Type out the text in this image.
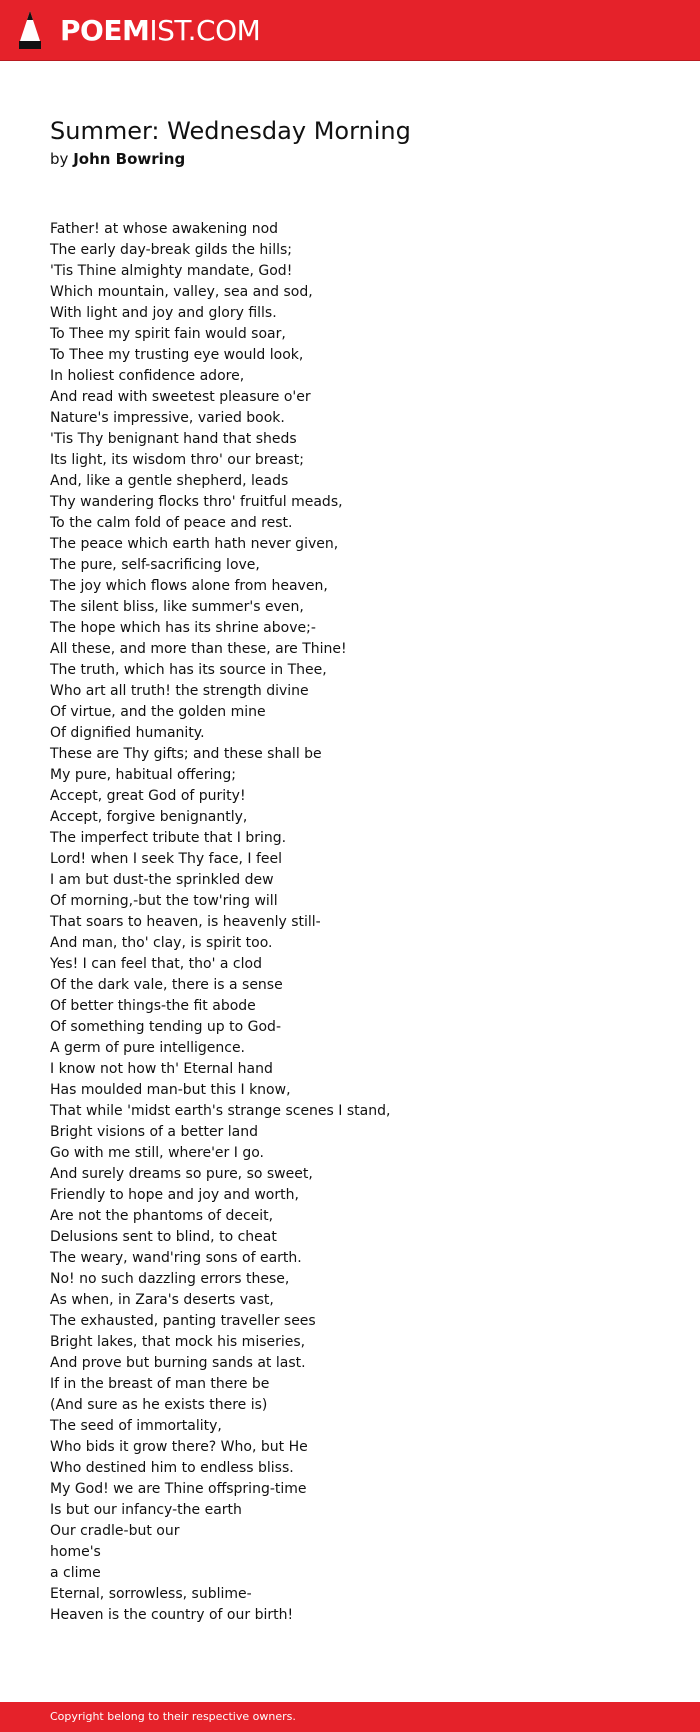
POEMIST.COM
Summer: Wednesday Morning
by John Bowring
Father! at whose awakening nod
The early day-break gilds the hills;
'Tis Thine almighty mandate, God!
Which mountain, valley, sea and sod,
With light and joy and glory fills.
To Thee my spirit fain would soar,
To Thee my trusting eye would look,
In holiest confidence adore,
And read with sweetest pleasure o'er
Nature's impressive, varied book.
'Tis Thy benignant hand that sheds
Its light, its wisdom thro' our breast;
And, like a gentle shepherd, leads
Thy wandering flocks thro' fruitful meads,
To the calm fold of peace and rest.
The peace which earth hath never given,
The pure, self-sacrificing love,
The joy which flows alone from heaven,
The silent bliss, like summer's even,
The hope which has its shrine above;-
All these, and more than these, are Thine!
The truth, which has its source in Thee,
Who art all truth! the strength divine
Of virtue, and the golden mine
Of dignified humanity.
These are Thy gifts; and these shall be
My pure, habitual offering;
Accept, great God of purity!
Accept, forgive benignantly,
The imperfect tribute that I bring.
Lord! when I seek Thy face, I feel
I am but dust-the sprinkled dew
Of morning,-but the tow'ring will
That soars to heaven, is heavenly still-
And man, tho' clay, is spirit too.
Yes! I can feel that, tho' a clod
Of the dark vale, there is a sense
Of better things-the fit abode
Of something tending up to God-
A germ of pure intelligence.
I know not how th' Eternal hand
Has moulded man-but this I know,
That while 'midst earth's strange scenes I stand,
Bright visions of a better land
Go with me still, where'er I go.
And surely dreams so pure, so sweet,
Friendly to hope and joy and worth,
Are not the phantoms of deceit,
Delusions sent to blind, to cheat
The weary, wand'ring sons of earth.
No! no such dazzling errors these,
As when, in Zara's deserts vast,
The exhausted, panting traveller sees
Bright lakes, that mock his miseries,
And prove but burning sands at last.
If in the breast of man there be
(And sure as he exists there is)
The seed of immortality,
Who bids it grow there? Who, but He
Who destined him to endless bliss.
My God! we are Thine offspring-time
Is but our infancy-the earth
Our cradle-but our
home's
a clime
Eternal, sorrowless, sublime-
Heaven is the country of our birth!
Copyright belong to their respective owners.
